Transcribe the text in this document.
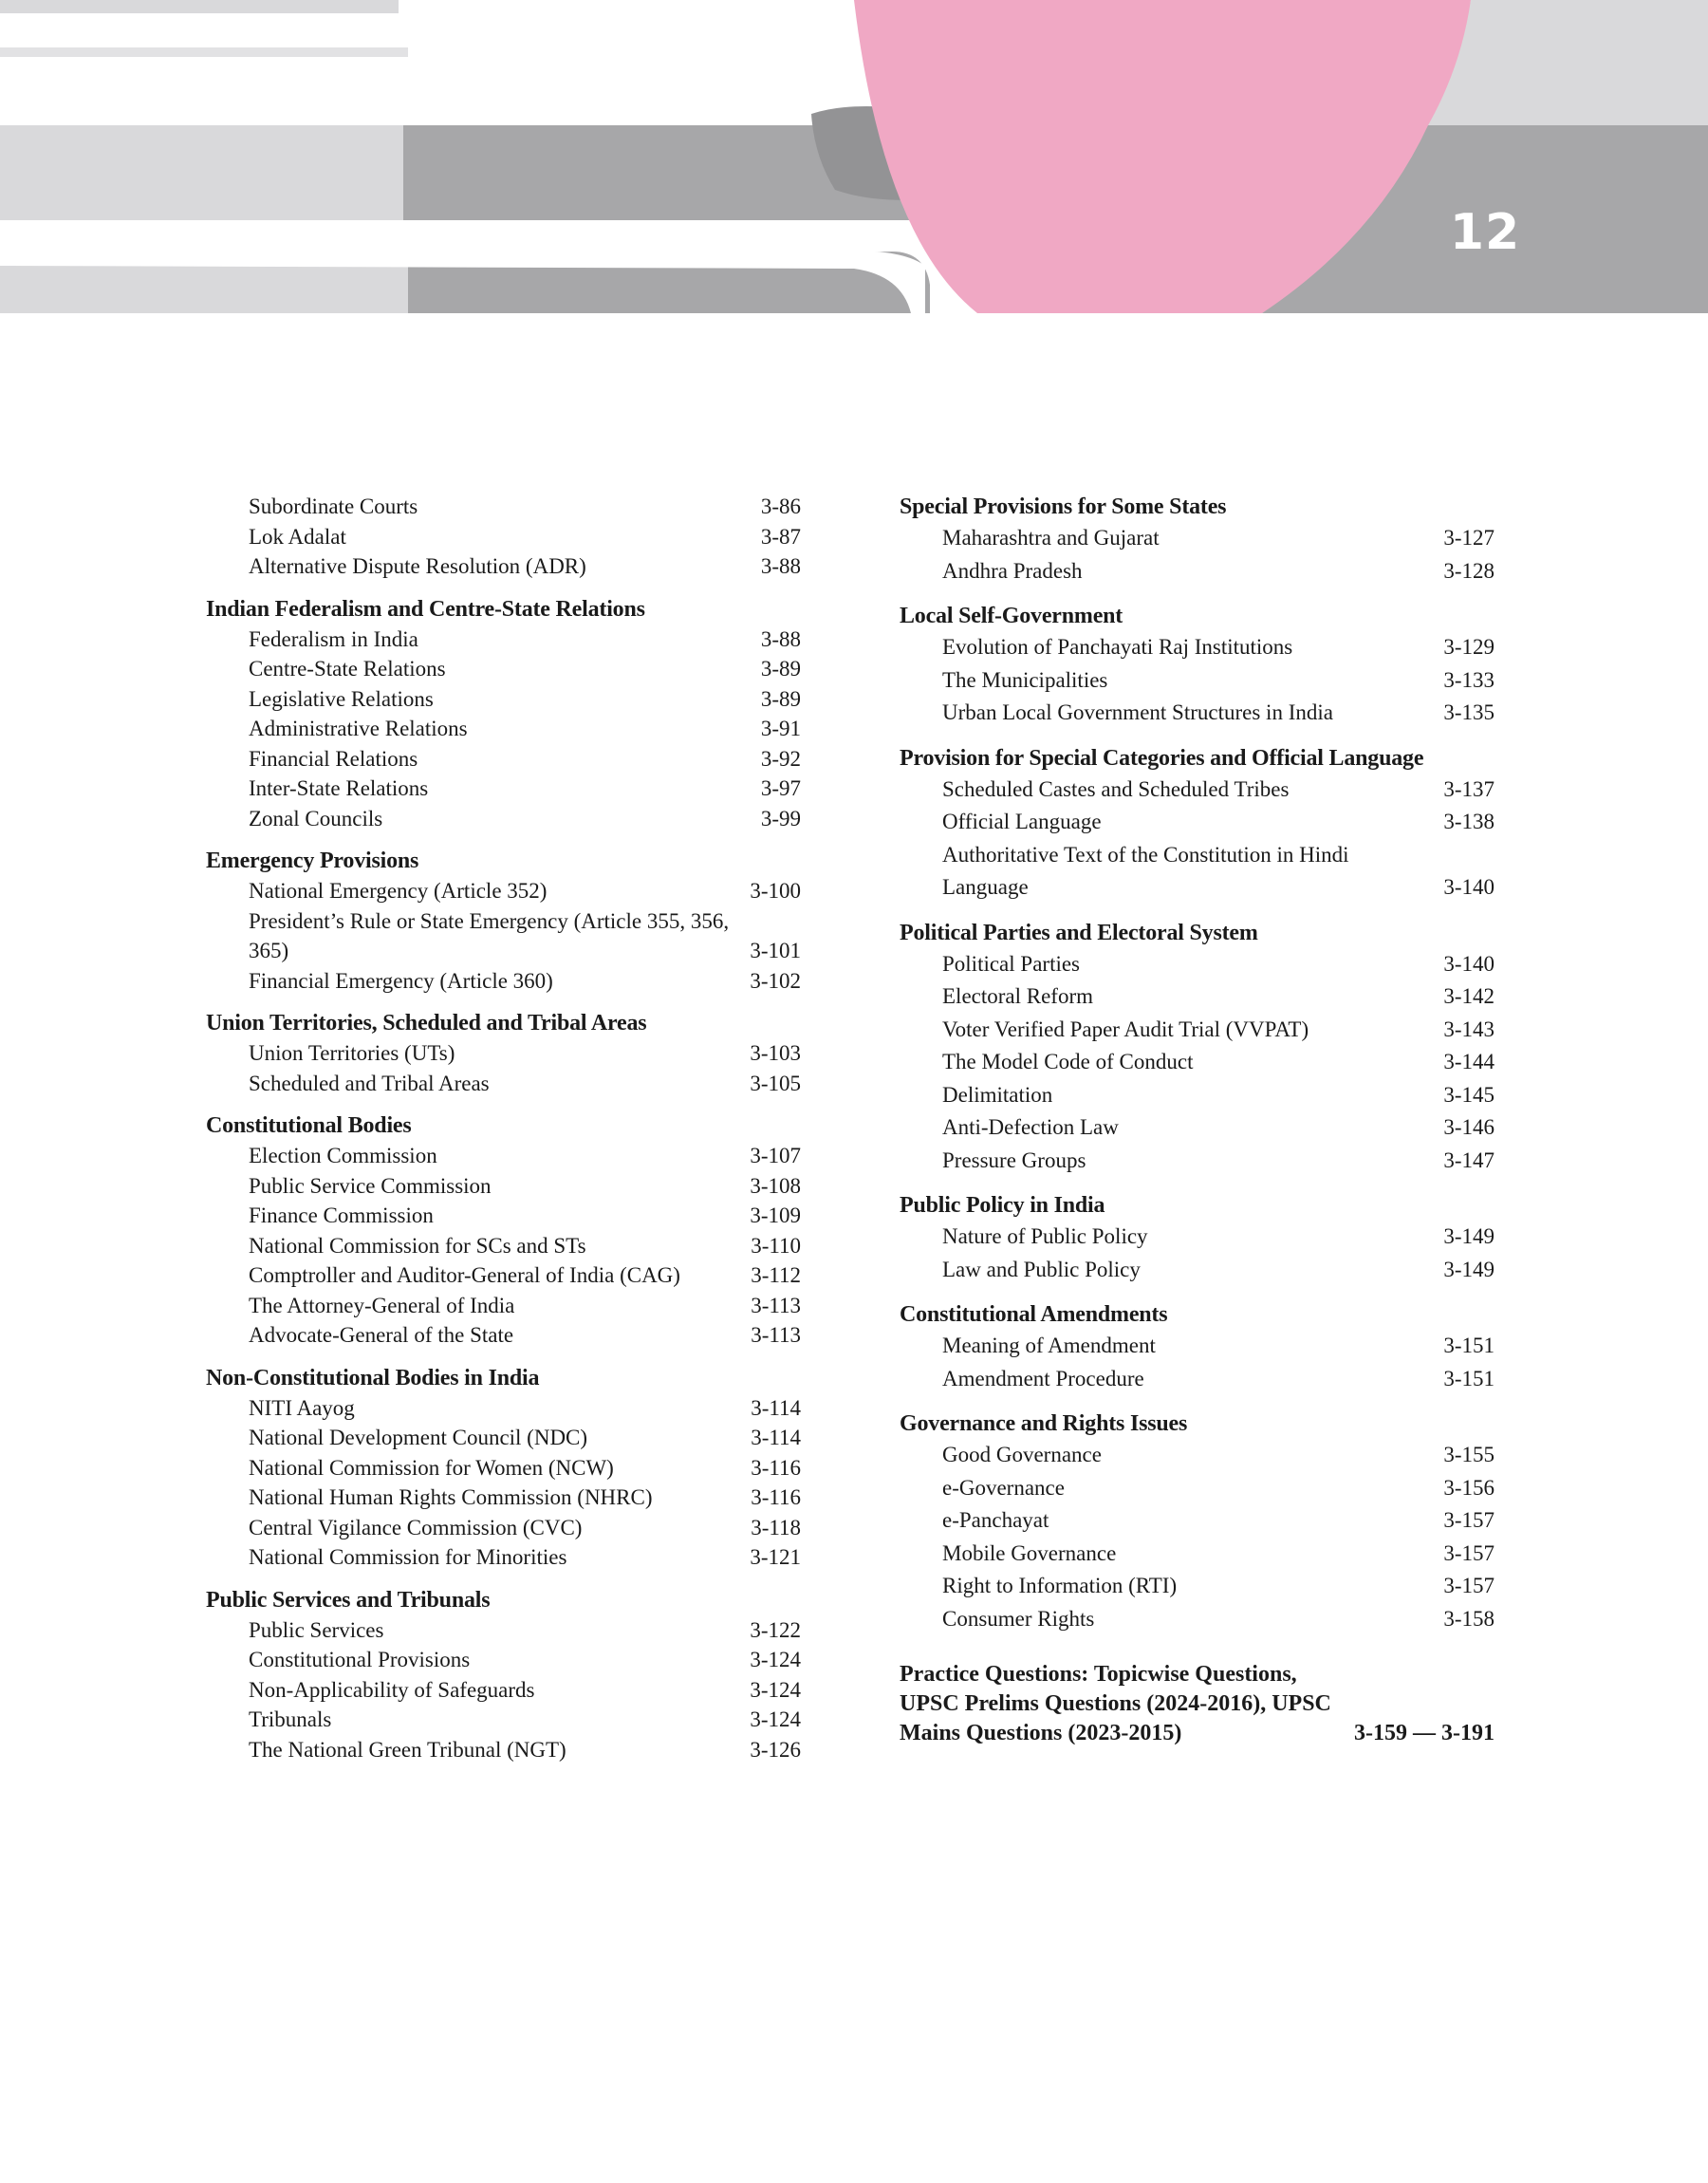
12
Subordinate Courts	3-86
Lok Adalat	3-87
Alternative Dispute Resolution (ADR)	3-88
Indian Federalism and Centre-State Relations
Federalism in India	3-88
Centre-State Relations	3-89
Legislative Relations	3-89
Administrative Relations	3-91
Financial Relations	3-92
Inter-State Relations	3-97
Zonal Councils	3-99
Emergency Provisions
National Emergency (Article 352)	3-100
President’s Rule or State Emergency (Article 355, 356, 365)	3-101
Financial Emergency (Article 360)	3-102
Union Territories, Scheduled and Tribal Areas
Union Territories (UTs)	3-103
Scheduled and Tribal Areas	3-105
Constitutional Bodies
Election Commission	3-107
Public Service Commission	3-108
Finance Commission	3-109
National Commission for SCs and STs	3-110
Comptroller and Auditor-General of India (CAG)	3-112
The Attorney-General of India	3-113
Advocate-General of the State	3-113
Non-Constitutional Bodies in India
NITI Aayog	3-114
National Development Council (NDC)	3-114
National Commission for Women (NCW)	3-116
National Human Rights Commission (NHRC)	3-116
Central Vigilance Commission (CVC)	3-118
National Commission for Minorities	3-121
Public Services and Tribunals
Public Services	3-122
Constitutional Provisions	3-124
Non-Applicability of Safeguards	3-124
Tribunals	3-124
The National Green Tribunal (NGT)	3-126
Special Provisions for Some States
Maharashtra and Gujarat	3-127
Andhra Pradesh	3-128
Local Self-Government
Evolution of Panchayati Raj Institutions	3-129
The Municipalities	3-133
Urban Local Government Structures in India	3-135
Provision for Special Categories and Official Language
Scheduled Castes and Scheduled Tribes	3-137
Official Language	3-138
Authoritative Text of the Constitution in Hindi Language	3-140
Political Parties and Electoral System
Political Parties	3-140
Electoral Reform	3-142
Voter Verified Paper Audit Trial (VVPAT)	3-143
The Model Code of Conduct	3-144
Delimitation	3-145
Anti-Defection Law	3-146
Pressure Groups	3-147
Public Policy in India
Nature of Public Policy	3-149
Law and Public Policy	3-149
Constitutional Amendments
Meaning of Amendment	3-151
Amendment Procedure	3-151
Governance and Rights Issues
Good Governance	3-155
e-Governance	3-156
e-Panchayat	3-157
Mobile Governance	3-157
Right to Information (RTI)	3-157
Consumer Rights	3-158
Practice Questions: Topicwise Questions, UPSC Prelims Questions (2024-2016), UPSC Mains Questions (2023-2015)	3-159 — 3-191
